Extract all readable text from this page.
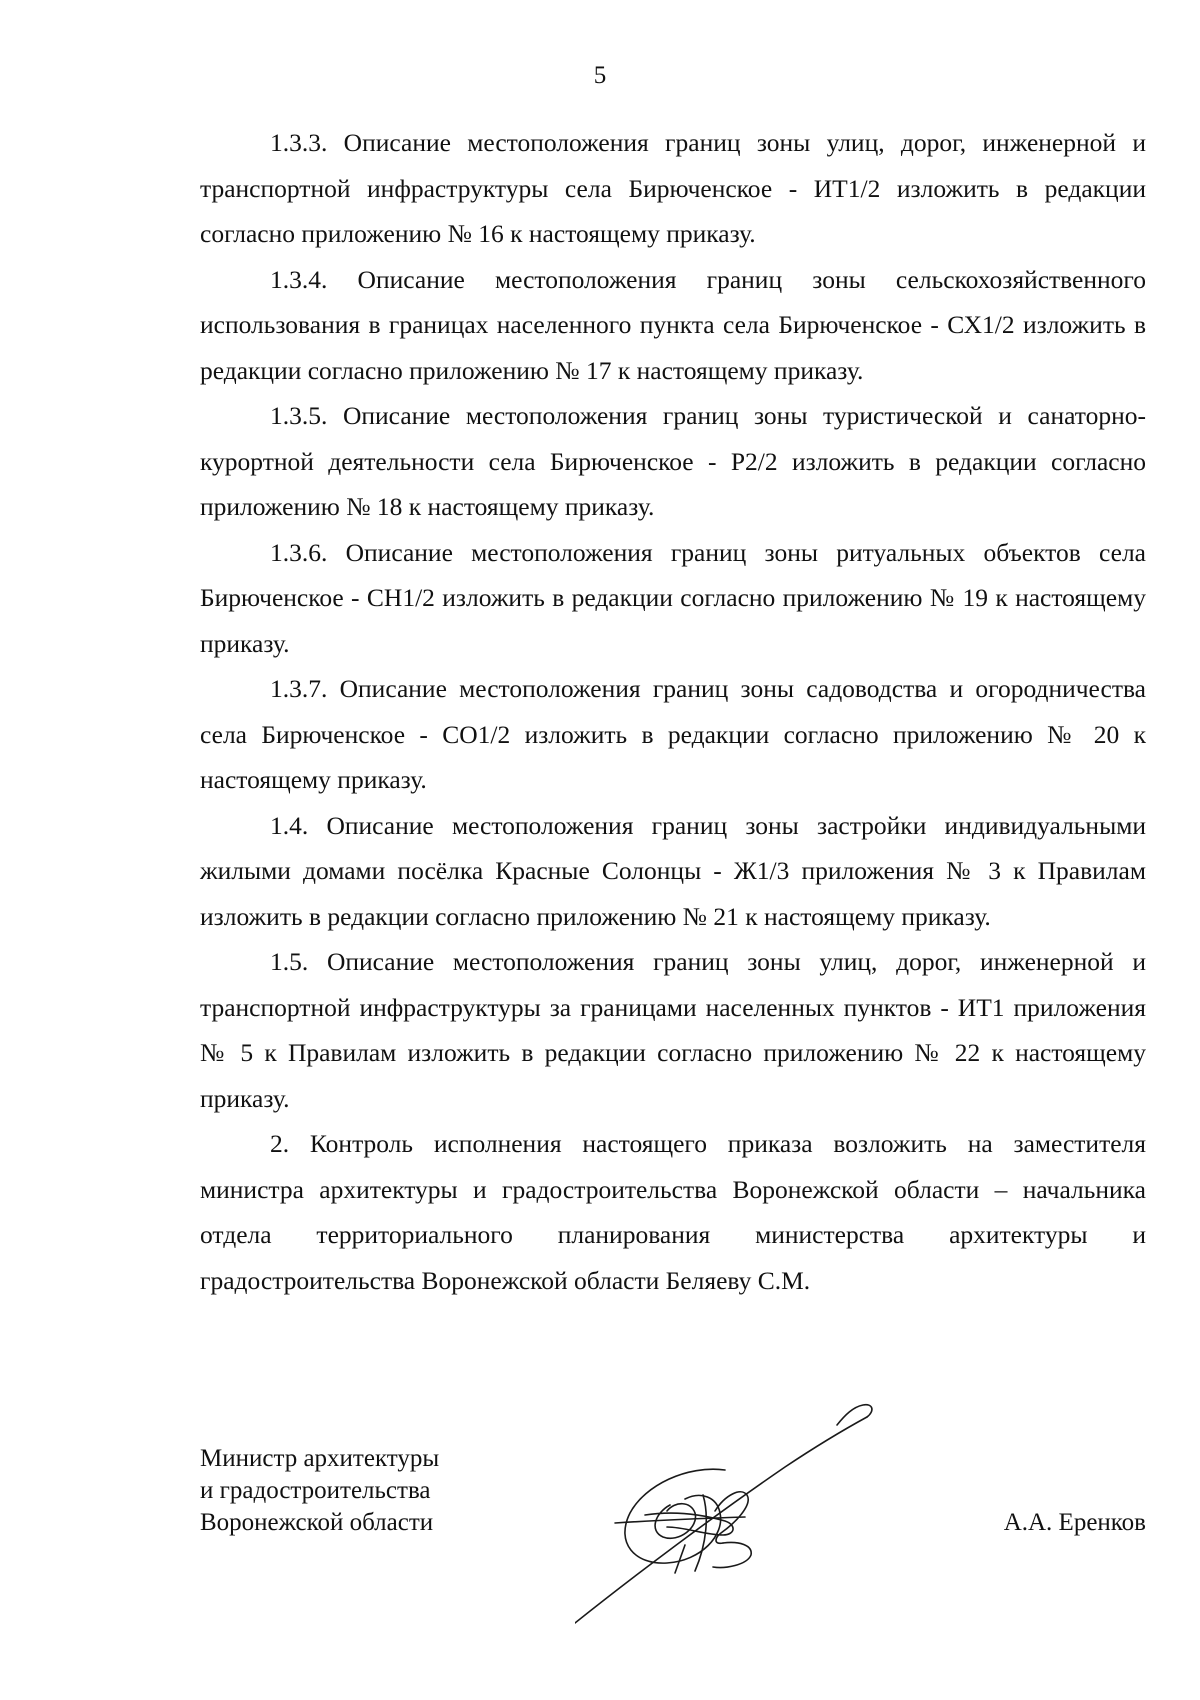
5

1.3.3. Описание местоположения границ зоны улиц, дорог, инженерной и транспортной инфраструктуры села Бирюченское - ИТ1/2 изложить в редакции согласно приложению № 16 к настоящему приказу.

1.3.4. Описание местоположения границ зоны сельскохозяйственного использования в границах населенного пункта села Бирюченское - СХ1/2 изложить в редакции согласно приложению № 17 к настоящему приказу.

1.3.5. Описание местоположения границ зоны туристической и санаторно-курортной деятельности села Бирюченское - Р2/2 изложить в редакции согласно приложению № 18 к настоящему приказу.

1.3.6. Описание местоположения границ зоны ритуальных объектов села Бирюченское - СН1/2 изложить в редакции согласно приложению № 19 к настоящему приказу.

1.3.7. Описание местоположения границ зоны садоводства и огородничества села Бирюченское - СО1/2 изложить в редакции согласно приложению № 20 к настоящему приказу.

1.4. Описание местоположения границ зоны застройки индивидуальными жилыми домами посёлка Красные Солонцы - Ж1/3 приложения № 3 к Правилам изложить в редакции согласно приложению № 21 к настоящему приказу.

1.5. Описание местоположения границ зоны улиц, дорог, инженерной и транспортной инфраструктуры за границами населенных пунктов - ИТ1 приложения № 5 к Правилам изложить в редакции согласно приложению № 22 к настоящему приказу.

2. Контроль исполнения настоящего приказа возложить на заместителя министра архитектуры и градостроительства Воронежской области – начальника отдела территориального планирования министерства архитектуры и градостроительства Воронежской области Беляеву С.М.

Министр архитектуры
и градостроительства
Воронежской области	А.А. Еренков
